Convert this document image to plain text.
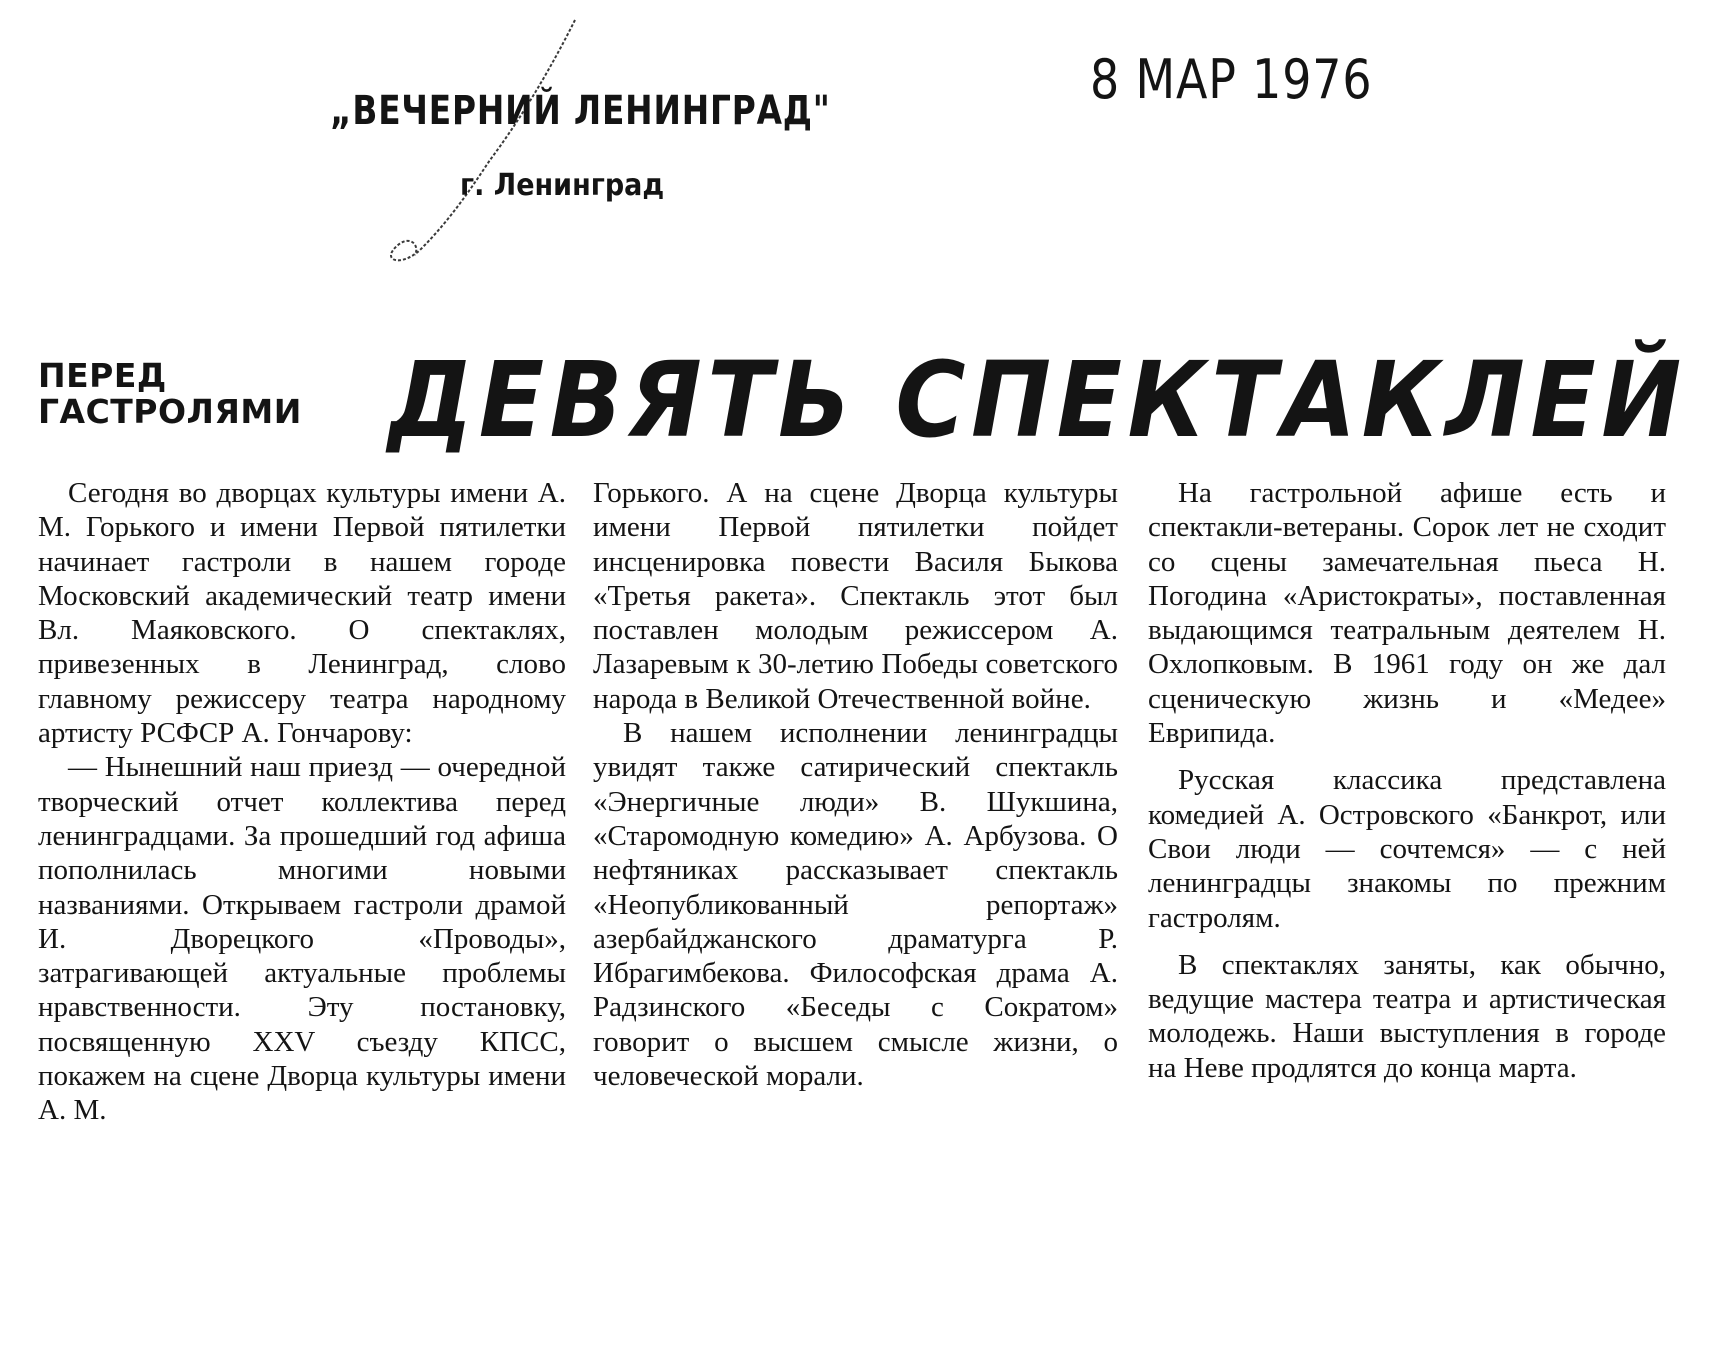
„ВЕЧЕРНИЙ ЛЕНИНГРАД"
г. Ленинград
8 МАР 1976
ПЕРЕД
ГАСТРОЛЯМИ ДЕВЯТЬ СПЕКТАКЛЕЙ

Сегодня во дворцах культуры имени А. М. Горького и имени Первой пятилетки начинает гастроли в нашем городе Московский академический театр имени Вл. Маяковского. О спектаклях, привезенных в Ленинград, слово главному режиссеру театра народному артисту РСФСР А. Гончарову:

— Нынешний наш приезд — очередной творческий отчет коллектива перед ленинградцами. За прошедший год афиша пополнилась многими новыми названиями. Открываем гастроли драмой И. Дворецкого «Проводы», затрагивающей актуальные проблемы нравственности. Эту постановку, посвященную XXV съезду КПСС, покажем на сцене Дворца культуры имени А. М.

Горького. А на сцене Дворца культуры имени Первой пятилетки пойдет инсценировка повести Василя Быкова «Третья ракета». Спектакль этот был поставлен молодым режиссером А. Лазаревым к 30-летию Победы советского народа в Великой Отечественной войне.

В нашем исполнении ленинградцы увидят также сатирический спектакль «Энергичные люди» В. Шукшина, «Старомодную комедию» А. Арбузова. О нефтяниках рассказывает спектакль «Неопубликованный репортаж» азербайджанского драматурга Р. Ибрагимбекова. Философская драма А. Радзинского «Беседы с Сократом» говорит о высшем смысле жизни, о человеческой морали.

На гастрольной афише есть и спектакли-ветераны. Сорок лет не сходит со сцены замечательная пьеса Н. Погодина «Аристократы», поставленная выдающимся театральным деятелем Н. Охлопковым. В 1961 году он же дал сценическую жизнь и «Медее» Еврипида.

Русская классика представлена комедией А. Островского «Банкрот, или Свои люди — сочтемся» — с ней ленинградцы знакомы по прежним гастролям.

В спектаклях заняты, как обычно, ведущие мастера театра и артистическая молодежь. Наши выступления в городе на Неве продлятся до конца марта.
